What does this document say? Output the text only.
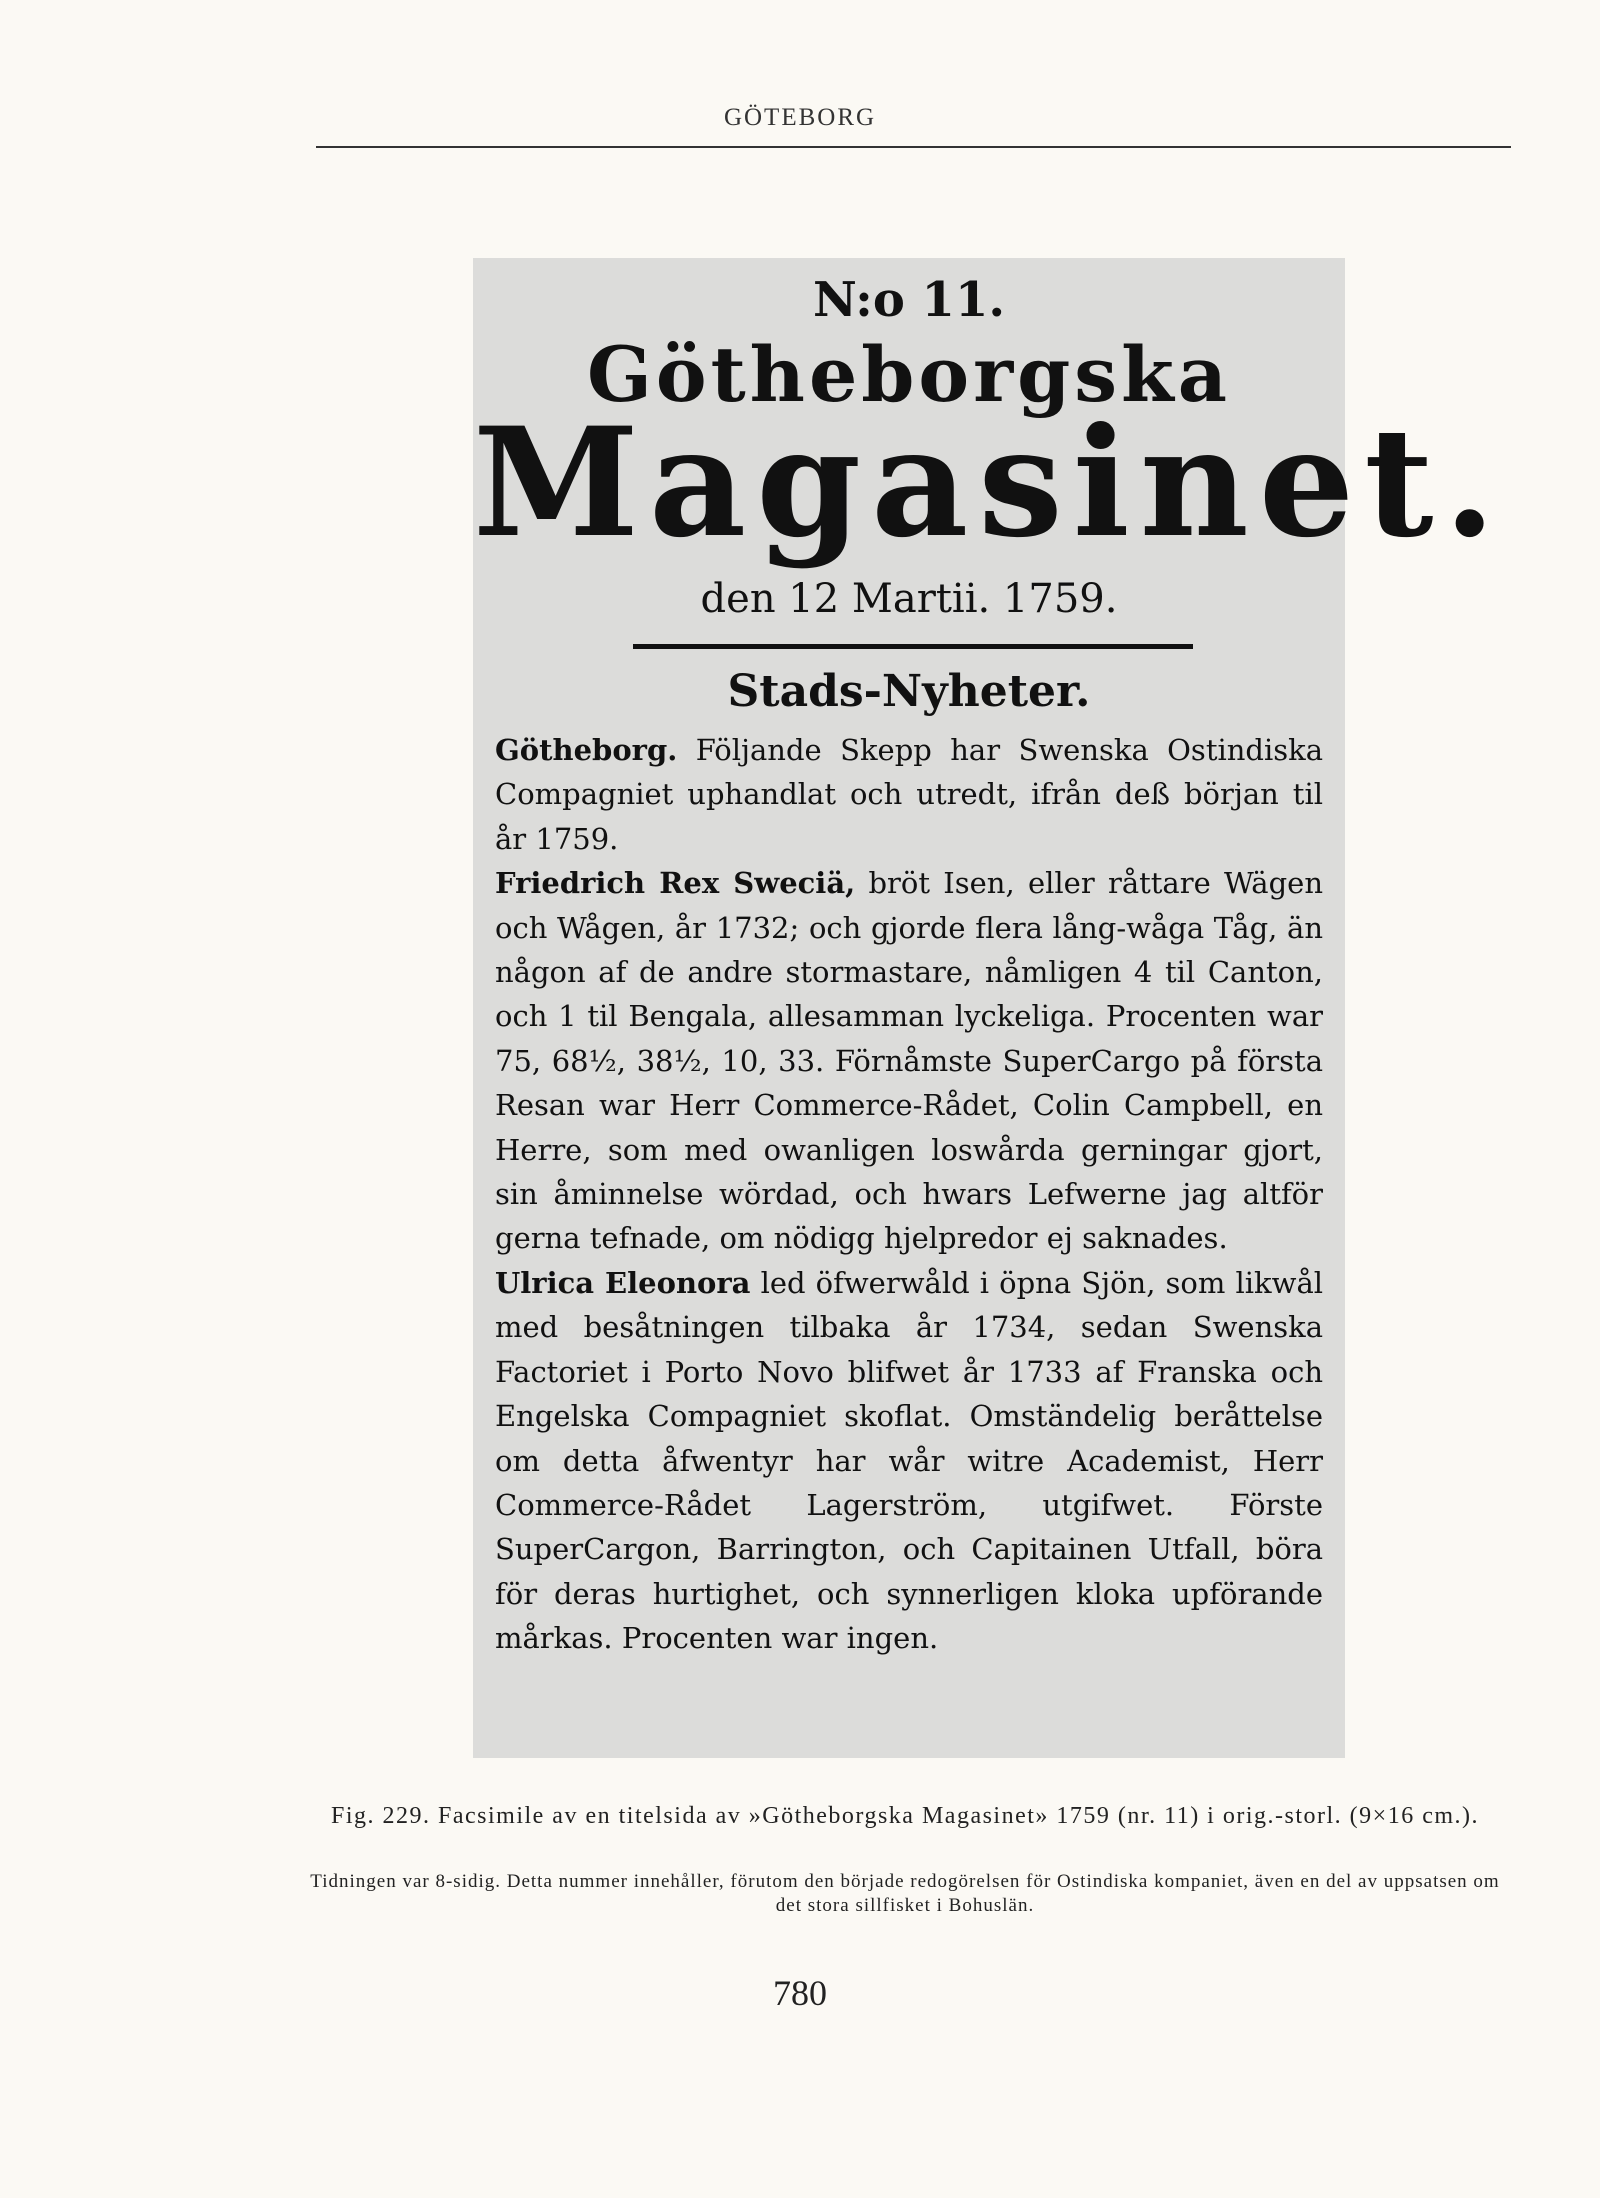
GÖTEBORG
N:o 11.
Götheborgska
Magasinet.
den 12 Martii. 1759.
Stads-Nyheter.

Götheborg. Följande Skepp har Swenska Ostindiska Compagniet uphandlat och utredt, ifrån deß början til år 1759.

Friedrich Rex Sweciä, bröt Isen, eller råttare Wägen och Wågen, år 1732; och gjorde flera lång-wåga Tåg, än någon af de andre stormastare, nåmligen 4 til Canton, och 1 til Bengala, allesamman lyckeliga. Procenten war 75, 68½, 38½, 10, 33. Förnåmste SuperCargo på första Resan war Herr Commerce-Rådet, Colin Campbell, en Herre, som med owanligen loswårda gerningar gjort, sin åminnelse wördad, och hwars Lefwerne jag altför gerna tefnade, om nödigg hjelpredor ej saknades.

Ulrica Eleonora led öfwerwåld i öpna Sjön, som likwål med besåtningen tilbaka år 1734, sedan Swenska Factoriet i Porto Novo blifwet år 1733 af Franska och Engelska Compagniet skoflat. Omständelig beråttelse om detta åfwentyr har wår witre Academist, Herr Commerce-Rådet Lagerström, utgifwet. Förste SuperCargon, Barrington, och Capitainen Utfall, böra för deras hurtighet, och synnerligen kloka upförande mårkas. Procenten war ingen.

Fig. 229. Facsimile av en titelsida av »Götheborgska Magasinet» 1759 (nr. 11) i orig.-storl. (9×16 cm.).
Tidningen var 8-sidig. Detta nummer innehåller, förutom den började redogörelsen för Ostindiska kompaniet, även en del av uppsatsen om det stora sillfisket i Bohuslän.
780
